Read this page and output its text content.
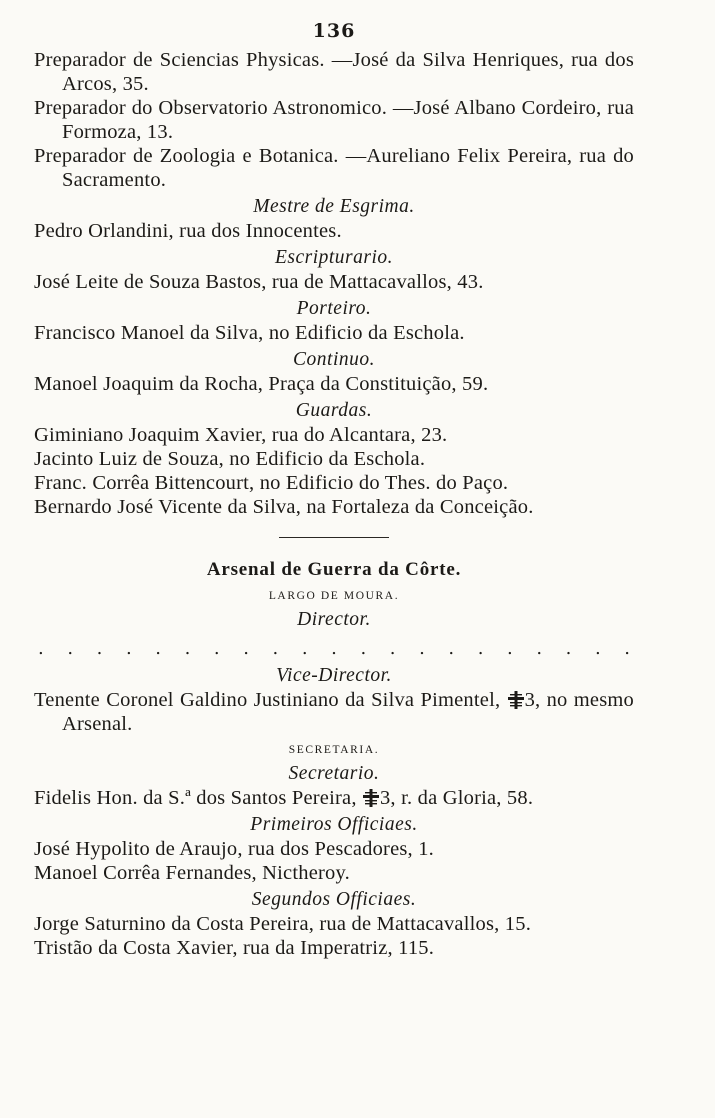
136

Preparador de Sciencias Physicas. —José da Silva Henriques, rua dos Arcos, 35.

Preparador do Observatorio Astronomico. —José Albano Cordeiro, rua Formoza, 13.

Preparador de Zoologia e Botanica. —Aureliano Felix Pereira, rua do Sacramento.

Mestre de Esgrima.

Pedro Orlandini, rua dos Innocentes.

Escripturario.

José Leite de Souza Bastos, rua de Mattacavallos, 43.

Porteiro.

Francisco Manoel da Silva, no Edificio da Eschola.

Continuo.

Manoel Joaquim da Rocha, Praça da Constituição, 59.

Guardas.

Giminiano Joaquim Xavier, rua do Alcantara, 23.

Jacinto Luiz de Souza, no Edificio da Eschola.

Franc. Corrêa Bittencourt, no Edificio do Thes. do Paço.

Bernardo José Vicente da Silva, na Fortaleza da Conceição.

Arsenal de Guerra da Côrte.
LARGO DE MOURA.
Director.
. . . . . . . . . . . . . . . . . . . . .
Vice-Director.

Tenente Coronel Galdino Justiniano da Silva Pimentel, 3, no mesmo Arsenal.

SECRETARIA.
Secretario.

Fidelis Hon. da S.ª dos Santos Pereira, 3, r. da Gloria, 58.

Primeiros Officiaes.

José Hypolito de Araujo, rua dos Pescadores, 1.

Manoel Corrêa Fernandes, Nictheroy.

Segundos Officiaes.

Jorge Saturnino da Costa Pereira, rua de Mattacavallos, 15.

Tristão da Costa Xavier, rua da Imperatriz, 115.
